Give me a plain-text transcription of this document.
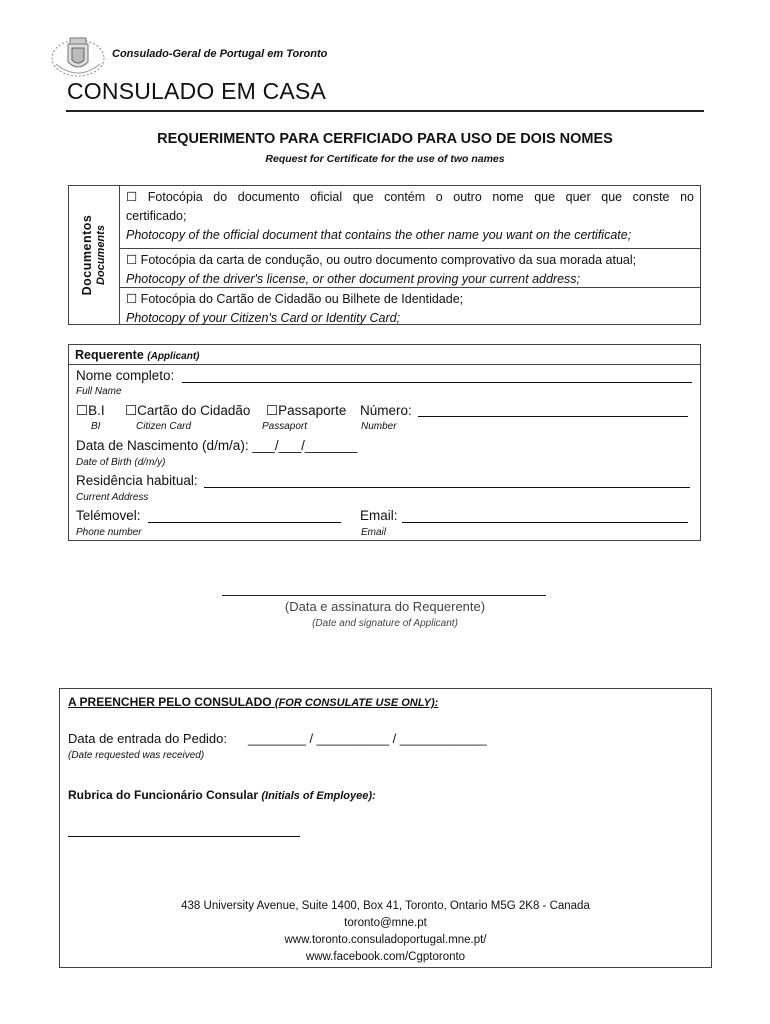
Consulado-Geral de Portugal em Toronto
CONSULADO EM CASA
REQUERIMENTO PARA CERFICIADO PARA USO DE DOIS NOMES
Request for Certificate for the use of two names
Documentos Documents
☐ Fotocópia do documento oficial que contém o outro nome que quer que conste no
certificado;
Photocopy of the official document that contains the other name you want on the certificate;
☐ Fotocópia da carta de condução, ou outro documento comprovativo da sua morada atual;
Photocopy of the driver's license, or other document proving your current address;
☐ Fotocópia do Cartão de Cidadão ou Bilhete de Identidade;
Photocopy of your Citizen's Card or Identity Card;
Requerente (Applicant)
Nome completo:
Full Name
☐B.I ☐Cartão do Cidadão ☐Passaporte Número:
BI	Citizen Card	Passaport	Number
Data de Nascimento (d/m/a): ___/___/_______
Date of Birth (d/m/y)
Residência habitual:
Current Address
Telémovel:
Phone number
Email:
Email
(Data e assinatura do Requerente)
(Date and signature of Applicant)
A PREENCHER PELO CONSULADO (FOR CONSULATE USE ONLY):
Data de entrada do Pedido: ________ / __________ / ____________
(Date requested was received)
Rubrica do Funcionário Consular (Initials of Employee):
438 University Avenue, Suite 1400, Box 41, Toronto, Ontario M5G 2K8 - Canada
toronto@mne.pt
www.toronto.consuladoportugal.mne.pt/
www.facebook.com/Cgptoronto
